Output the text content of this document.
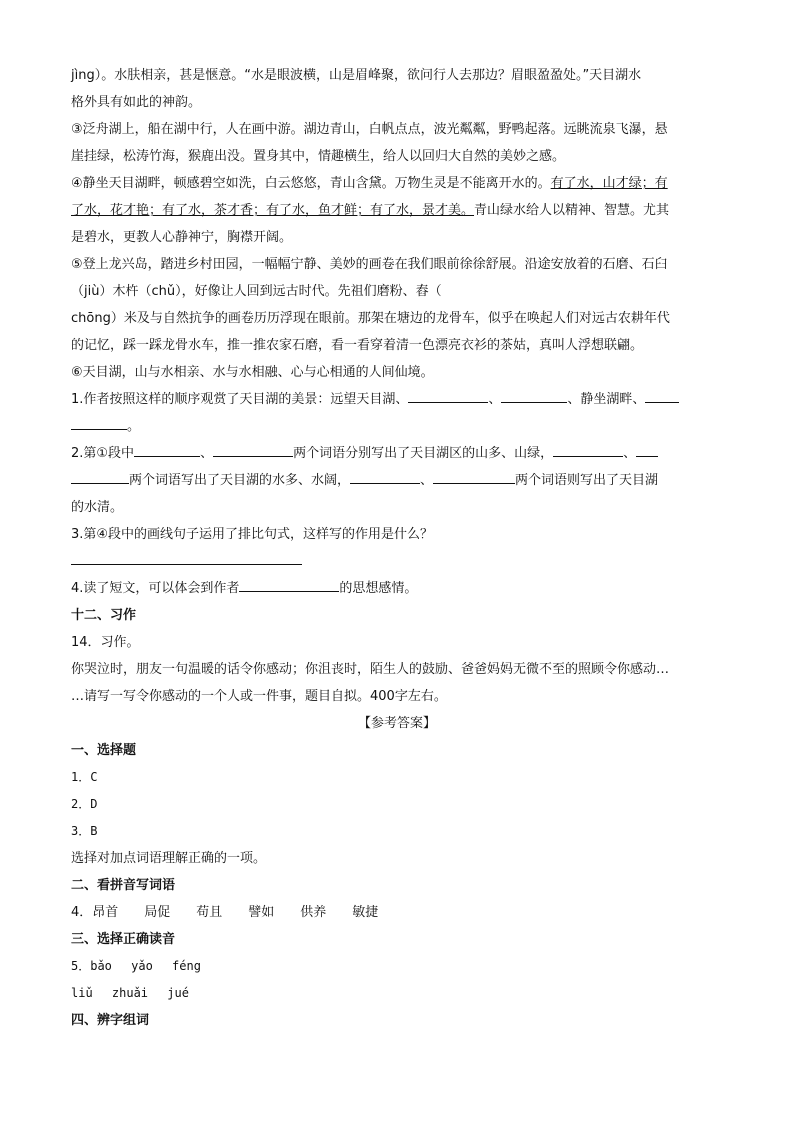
jìng）。水肤相亲，甚是惬意。“水是眼波横，山是眉峰聚，欲问行人去那边？眉眼盈盈处。”天目湖水
格外具有如此的神韵。
③泛舟湖上，船在湖中行，人在画中游。湖边青山，白帆点点，波光粼粼，野鸭起落。远眺流泉飞瀑，悬
崖挂绿，松涛竹海，猴鹿出没。置身其中，情趣横生，给人以回归大自然的美妙之感。
④静坐天目湖畔，顿感碧空如洗，白云悠悠，青山含黛。万物生灵是不能离开水的。有了水，山才绿；有
了水，花才艳；有了水，茶才香；有了水，鱼才鲜；有了水，景才美。青山绿水给人以精神、智慧。尤其
是碧水，更教人心静神宁，胸襟开阔。
⑤登上龙兴岛，踏进乡村田园，一幅幅宁静、美妙的画卷在我们眼前徐徐舒展。沿途安放着的石磨、石臼
（jiù）木杵（chǔ），好像让人回到远古时代。先祖们磨粉、舂（
chōng）米及与自然抗争的画卷历历浮现在眼前。那架在塘边的龙骨车，似乎在唤起人们对远古农耕年代
的记忆，踩一踩龙骨水车，推一推农家石磨，看一看穿着清一色漂亮衣衫的茶姑，真叫人浮想联翩。
⑥天目湖，山与水相亲、水与水相融、心与心相通的人间仙境。
1.作者按照这样的顺序观赏了天目湖的美景：远望天目湖、	、	、静坐湖畔、
。
2.第①段中	、	两个词语分别写出了天目湖区的山多、山绿，	、
两个词语写出了天目湖的水多、水阔，	、	两个词语则写出了天目湖
的水清。
3.第④段中的画线句子运用了排比句式，这样写的作用是什么？
4.读了短文，可以体会到作者	的思想感情。
十二、习作
14．习作。
你哭泣时，朋友一句温暖的话令你感动；你沮丧时，陌生人的鼓励、爸爸妈妈无微不至的照顾令你感动…
…请写一写令你感动的一个人或一件事，题目自拟。400字左右。
【参考答案】
一、选择题
1．C
2．D
3．B
选择对加点词语理解正确的一项。
二、看拼音写词语
4．昂首　　局促　　苟且　　譬如　　供养　　敏捷
三、选择正确读音
5．bǎo　 yǎo　 féng
liǔ　 zhuǎi　 jué
四、辨字组词
